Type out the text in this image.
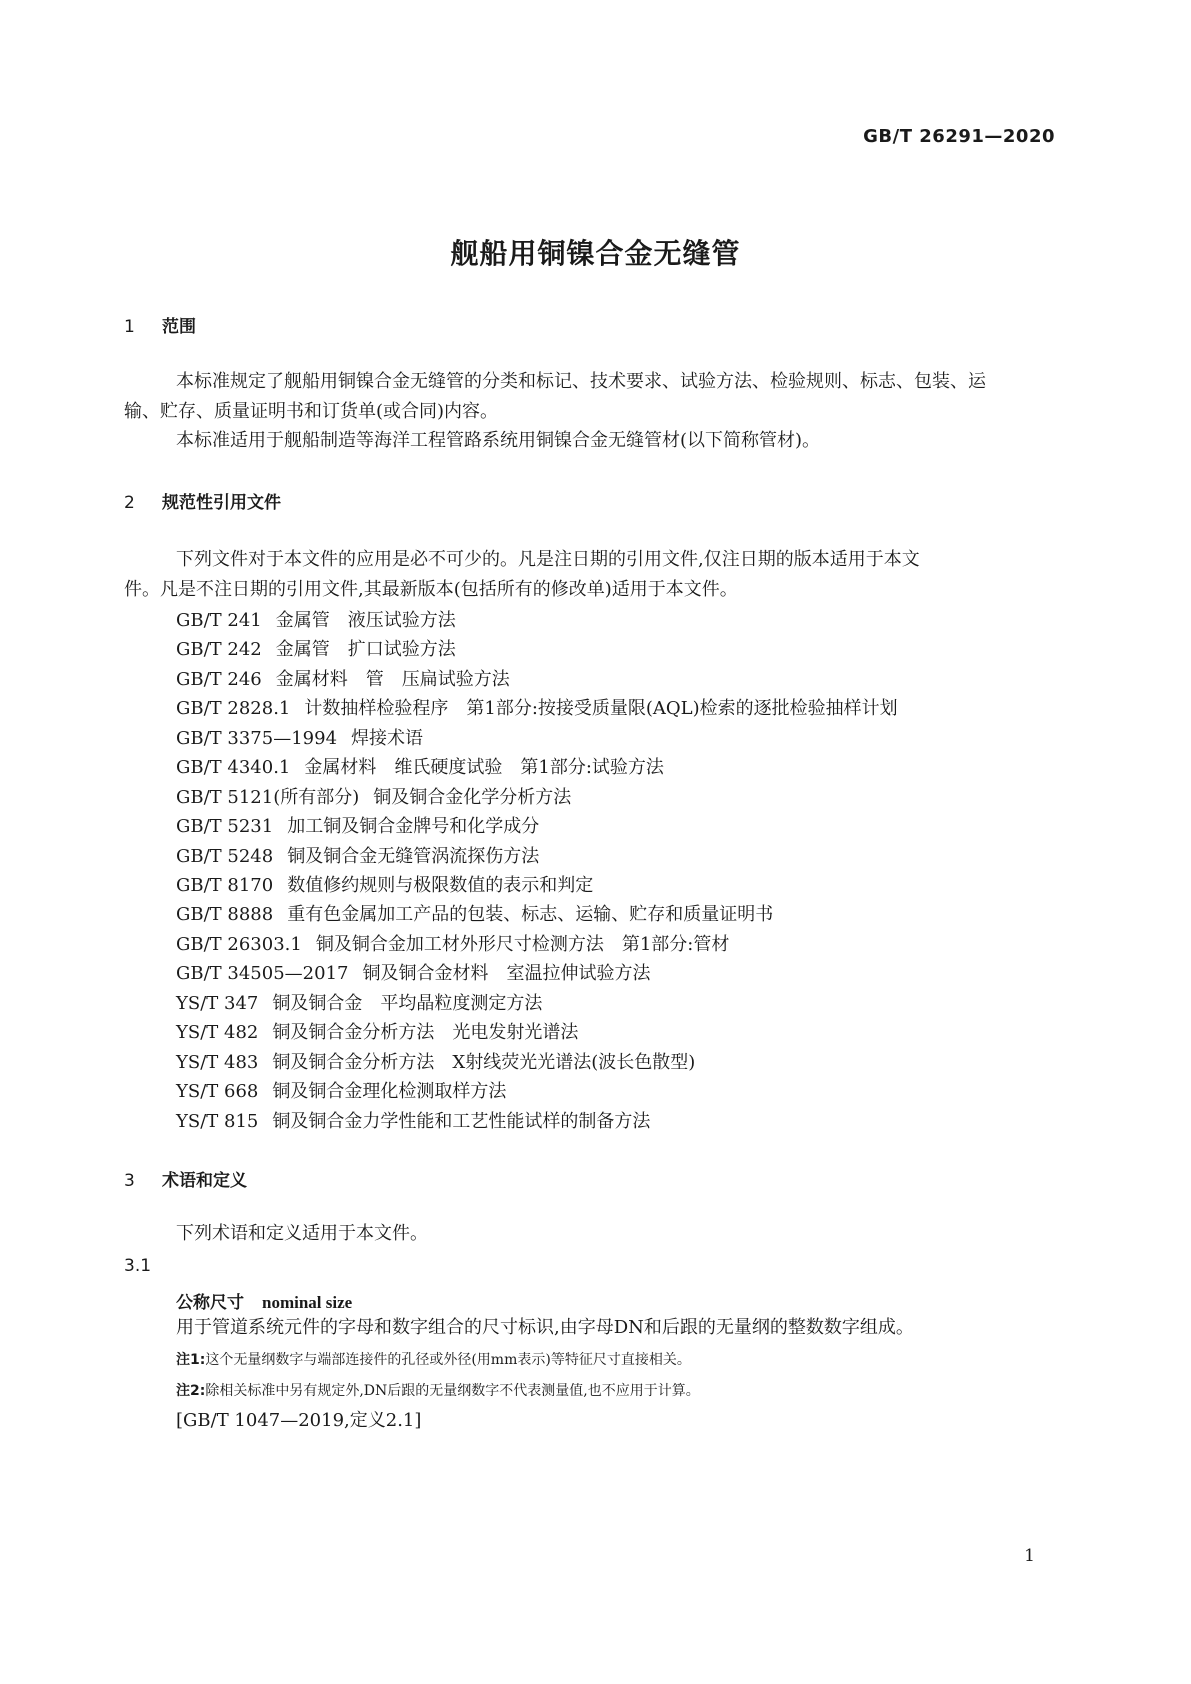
GB/T 26291—2020
舰船用铜镍合金无缝管
1 范围
本标准规定了舰船用铜镍合金无缝管的分类和标记、技术要求、试验方法、检验规则、标志、包装、运
输、贮存、质量证明书和订货单(或合同)内容。
本标准适用于舰船制造等海洋工程管路系统用铜镍合金无缝管材(以下简称管材)。
2 规范性引用文件
下列文件对于本文件的应用是必不可少的。凡是注日期的引用文件,仅注日期的版本适用于本文
件。凡是不注日期的引用文件,其最新版本(包括所有的修改单)适用于本文件。
GB/T 241 金属管　液压试验方法
GB/T 242 金属管　扩口试验方法
GB/T 246 金属材料　管　压扁试验方法
GB/T 2828.1 计数抽样检验程序　第1部分:按接受质量限(AQL)检索的逐批检验抽样计划
GB/T 3375—1994 焊接术语
GB/T 4340.1 金属材料　维氏硬度试验　第1部分:试验方法
GB/T 5121(所有部分) 铜及铜合金化学分析方法
GB/T 5231 加工铜及铜合金牌号和化学成分
GB/T 5248 铜及铜合金无缝管涡流探伤方法
GB/T 8170 数值修约规则与极限数值的表示和判定
GB/T 8888 重有色金属加工产品的包装、标志、运输、贮存和质量证明书
GB/T 26303.1 铜及铜合金加工材外形尺寸检测方法　第1部分:管材
GB/T 34505—2017 铜及铜合金材料　室温拉伸试验方法
YS/T 347 铜及铜合金　平均晶粒度测定方法
YS/T 482 铜及铜合金分析方法　光电发射光谱法
YS/T 483 铜及铜合金分析方法　X射线荧光光谱法(波长色散型)
YS/T 668 铜及铜合金理化检测取样方法
YS/T 815 铜及铜合金力学性能和工艺性能试样的制备方法
3 术语和定义
下列术语和定义适用于本文件。
3.1
公称尺寸 nominal size
用于管道系统元件的字母和数字组合的尺寸标识,由字母DN和后跟的无量纲的整数数字组成。
注1:这个无量纲数字与端部连接件的孔径或外径(用mm表示)等特征尺寸直接相关。
注2:除相关标准中另有规定外,DN后跟的无量纲数字不代表测量值,也不应用于计算。
[GB/T 1047—2019,定义2.1]
1
